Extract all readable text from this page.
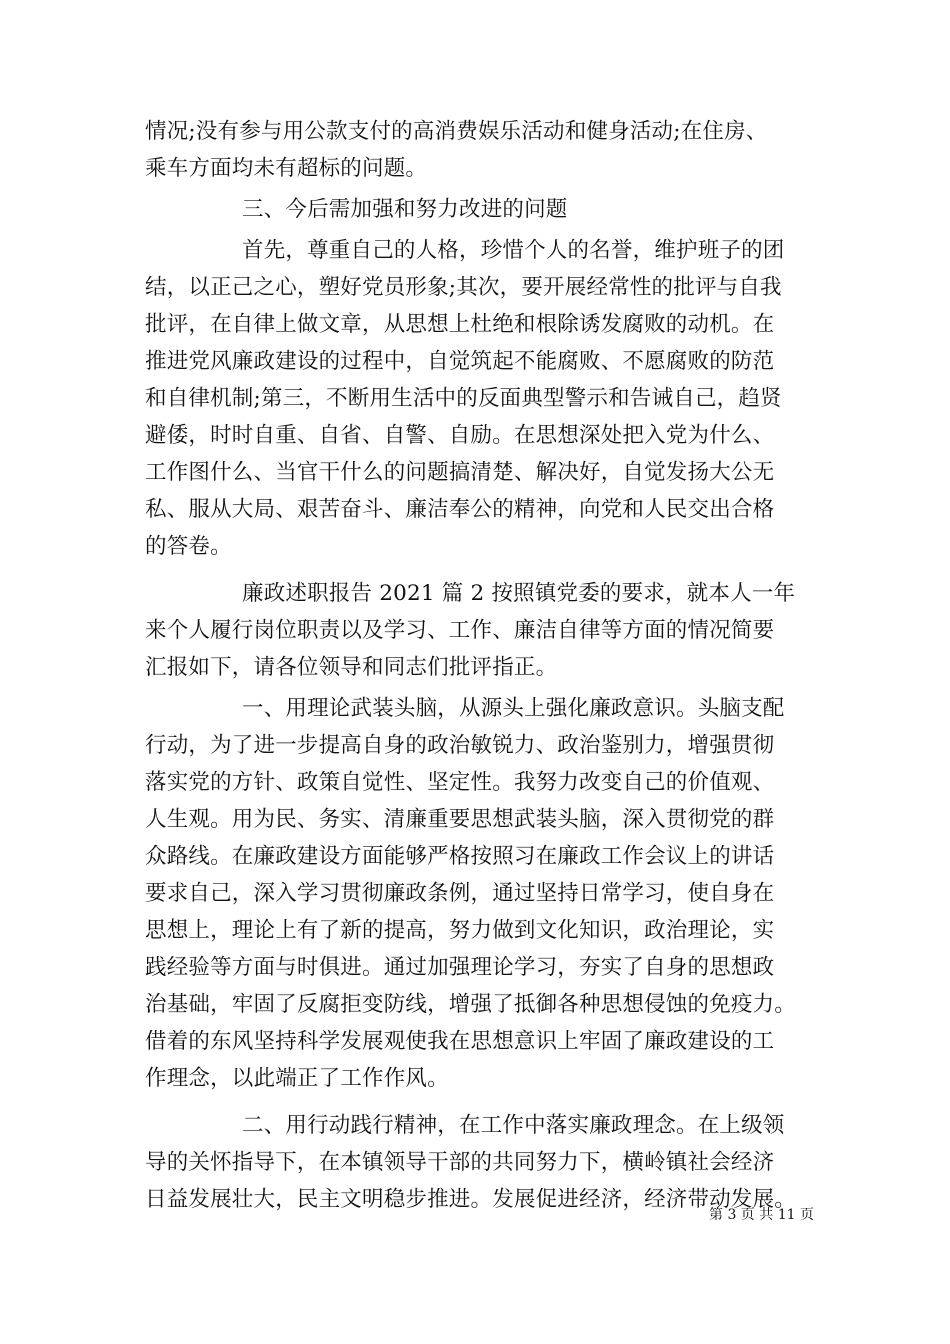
情况;没有参与用公款支付的高消费娱乐活动和健身活动;在住房、
乘车方面均未有超标的问题。
三、今后需加强和努力改进的问题
首先，尊重自己的人格，珍惜个人的名誉，维护班子的团
结，以正己之心，塑好党员形象;其次，要开展经常性的批评与自我
批评，在自律上做文章，从思想上杜绝和根除诱发腐败的动机。在
推进党风廉政建设的过程中，自觉筑起不能腐败、不愿腐败的防范
和自律机制;第三，不断用生活中的反面典型警示和告诫自己，趋贤
避倭，时时自重、自省、自警、自励。在思想深处把入党为什么、
工作图什么、当官干什么的问题搞清楚、解决好，自觉发扬大公无
私、服从大局、艰苦奋斗、廉洁奉公的精神，向党和人民交出合格
的答卷。
廉政述职报告 2021 篇 2 按照镇党委的要求，就本人一年
来个人履行岗位职责以及学习、工作、廉洁自律等方面的情况简要
汇报如下，请各位领导和同志们批评指正。
一、用理论武装头脑，从源头上强化廉政意识。头脑支配
行动，为了进一步提高自身的政治敏锐力、政治鉴别力，增强贯彻
落实党的方针、政策自觉性、坚定性。我努力改变自己的价值观、
人生观。用为民、务实、清廉重要思想武装头脑，深入贯彻党的群
众路线。在廉政建设方面能够严格按照习在廉政工作会议上的讲话
要求自己，深入学习贯彻廉政条例，通过坚持日常学习，使自身在
思想上，理论上有了新的提高，努力做到文化知识，政治理论，实
践经验等方面与时俱进。通过加强理论学习，夯实了自身的思想政
治基础，牢固了反腐拒变防线，增强了抵御各种思想侵蚀的免疫力。
借着的东风坚持科学发展观使我在思想意识上牢固了廉政建设的工
作理念，以此端正了工作作风。
二、用行动践行精神，在工作中落实廉政理念。在上级领
导的关怀指导下，在本镇领导干部的共同努力下，横岭镇社会经济
日益发展壮大，民主文明稳步推进。发展促进经济，经济带动发展。
第 3 页 共 11 页
